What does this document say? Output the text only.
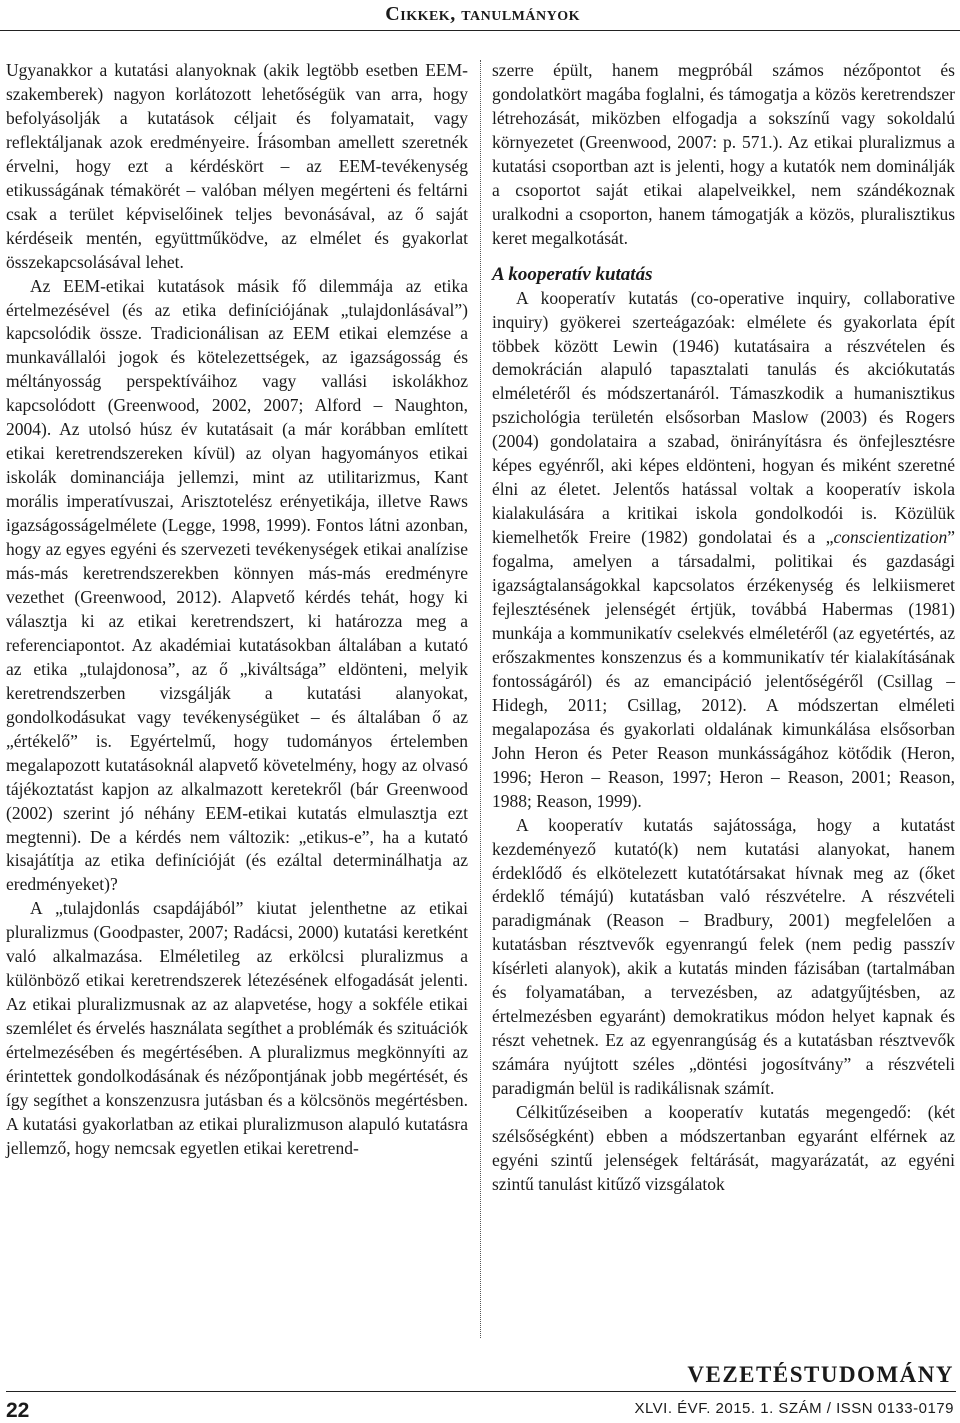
Cikkek, tanulmányok

Ugyanakkor a kutatási alanyoknak (akik legtöbb esetben EEM-szakemberek) nagyon korlátozott lehetőségük van arra, hogy befolyásolják a kutatások céljait és folyamatait, vagy reflektáljanak azok eredményeire. Írásomban amellett szeretnék érvelni, hogy ezt a kérdéskört – az EEM-tevékenység etikusságának témakörét – valóban mélyen megérteni és feltárni csak a terület képviselőinek teljes bevonásával, az ő saját kérdéseik mentén, együttműködve, az elmélet és gyakorlat összekapcsolásával lehet.

Az EEM-etikai kutatások másik fő dilemmája az etika értelmezésével (és az etika definíciójának „tulajdonlásával”) kapcsolódik össze. Tradicionálisan az EEM etikai elemzése a munkavállalói jogok és kötelezettségek, az igazságosság és méltányosság perspektíváihoz vagy vallási iskolákhoz kapcsolódott (Greenwood, 2002, 2007; Alford – Naughton, 2004). Az utolsó húsz év kutatásait (a már korábban említett etikai keretrendszereken kívül) az olyan hagyományos etikai iskolák dominanciája jellemzi, mint az utilitarizmus, Kant morális imperatívuszai, Arisztotelész erényetikája, illetve Raws igazságosságelmélete (Legge, 1998, 1999). Fontos látni azonban, hogy az egyes egyéni és szervezeti tevékenységek etikai analízise más-más keretrendszerekben könnyen más-más eredményre vezethet (Greenwood, 2012). Alapvető kérdés tehát, hogy ki választja ki az etikai keretrendszert, ki határozza meg a referenciapontot. Az akadémiai kutatásokban általában a kutató az etika „tulajdonosa”, az ő „kiváltsága” eldönteni, melyik keretrendszerben vizsgálják a kutatási alanyokat, gondolkodásukat vagy tevékenységüket – és általában ő az „értékelő” is. Egyértelmű, hogy tudományos értelemben megalapozott kutatásoknál alapvető követelmény, hogy az olvasó tájékoztatást kapjon az alkalmazott keretekről (bár Greenwood (2002) szerint jó néhány EEM-etikai kutatás elmulasztja ezt megtenni). De a kérdés nem változik: „etikus-e”, ha a kutató kisajátítja az etika definícióját (és ezáltal determinálhatja az eredményeket)?

A „tulajdonlás csapdájából” kiutat jelenthetne az etikai pluralizmus (Goodpaster, 2007; Radácsi, 2000) kutatási keretként való alkalmazása. Elméletileg az erkölcsi pluralizmus a különböző etikai keretrendszerek létezésének elfogadását jelenti. Az etikai pluralizmusnak az az alapvetése, hogy a sokféle etikai szemlélet és érvelés használata segíthet a problémák és szituációk értelmezésében és megértésében. A pluralizmus megkönnyíti az érintettek gondolkodásának és nézőpontjának jobb megértését, és így segíthet a konszenzusra jutásban és a kölcsönös megértésben. A kutatási gyakorlatban az etikai pluralizmuson alapuló kutatásra jellemző, hogy nemcsak egyetlen etikai keretrend-

szerre épült, hanem megpróbál számos nézőpontot és gondolatkört magába foglalni, és támogatja a közös keretrendszer létrehozását, miközben elfogadja a sokszínű vagy sokoldalú környezetet (Greenwood, 2007: p. 571.). Az etikai pluralizmus a kutatási csoportban azt is jelenti, hogy a kutatók nem dominálják a csoportot saját etikai alapelveikkel, nem szándékoznak uralkodni a csoporton, hanem támogatják a közös, pluralisztikus keret megalkotását.

A kooperatív kutatás

A kooperatív kutatás (co-operative inquiry, collaborative inquiry) gyökerei szerteágazóak: elmélete és gyakorlata épít többek között Lewin (1946) kutatásaira a részvételen és demokrácián alapuló tapasztalati tanulás és akciókutatás elméletéről és módszertanáról. Támaszkodik a humanisztikus pszichológia területén elsősorban Maslow (2003) és Rogers (2004) gondolataira a szabad, önirányításra és önfejlesztésre képes egyénről, aki képes eldönteni, hogyan és miként szeretné élni az életet. Jelentős hatással voltak a kooperatív iskola kialakulására a kritikai iskola gondolkodói is. Közülük kiemelhetők Freire (1982) gondolatai és a „conscientization” fogalma, amelyen a társadalmi, politikai és gazdasági igazságtalanságokkal kapcsolatos érzékenység és lelkiismeret fejlesztésének jelenségét értjük, továbbá Habermas (1981) munkája a kommunikatív cselekvés elméletéről (az egyetértés, az erőszakmentes konszenzus és a kommunikatív tér kialakításának fontosságáról) és az emancipáció jelentőségéről (Csillag – Hidegh, 2011; Csillag, 2012). A módszertan elméleti megalapozása és gyakorlati oldalának kimunkálása elsősorban John Heron és Peter Reason munkásságához kötődik (Heron, 1996; Heron – Reason, 1997; Heron – Reason, 2001; Reason, 1988; Reason, 1999).

A kooperatív kutatás sajátossága, hogy a kutatást kezdeményező kutató(k) nem kutatási alanyokat, hanem érdeklődő és elkötelezett kutatótársakat hívnak meg az (őket érdeklő témájú) kutatásban való részvételre. A részvételi paradigmának (Reason – Bradbury, 2001) megfelelően a kutatásban résztvevők egyenrangú felek (nem pedig passzív kísérleti alanyok), akik a kutatás minden fázisában (tartalmában és folyamatában, a tervezésben, az adatgyűjtésben, az értelmezésben egyaránt) demokratikus módon helyet kapnak és részt vehetnek. Ez az egyenrangúság és a kutatásban résztvevők számára nyújtott széles „döntési jogosítvány” a részvételi paradigmán belül is radikálisnak számít.

Célkitűzéseiben a kooperatív kutatás megengedő: (két szélsőségként) ebben a módszertanban egyaránt elférnek az egyéni szintű jelenségek feltárását, magyarázatát, az egyéni szintű tanulást kitűző vizsgálatok

VEZETÉSTUDOMÁNY
22	XLVI. ÉVF. 2015. 1. SZÁM / ISSN 0133-0179
